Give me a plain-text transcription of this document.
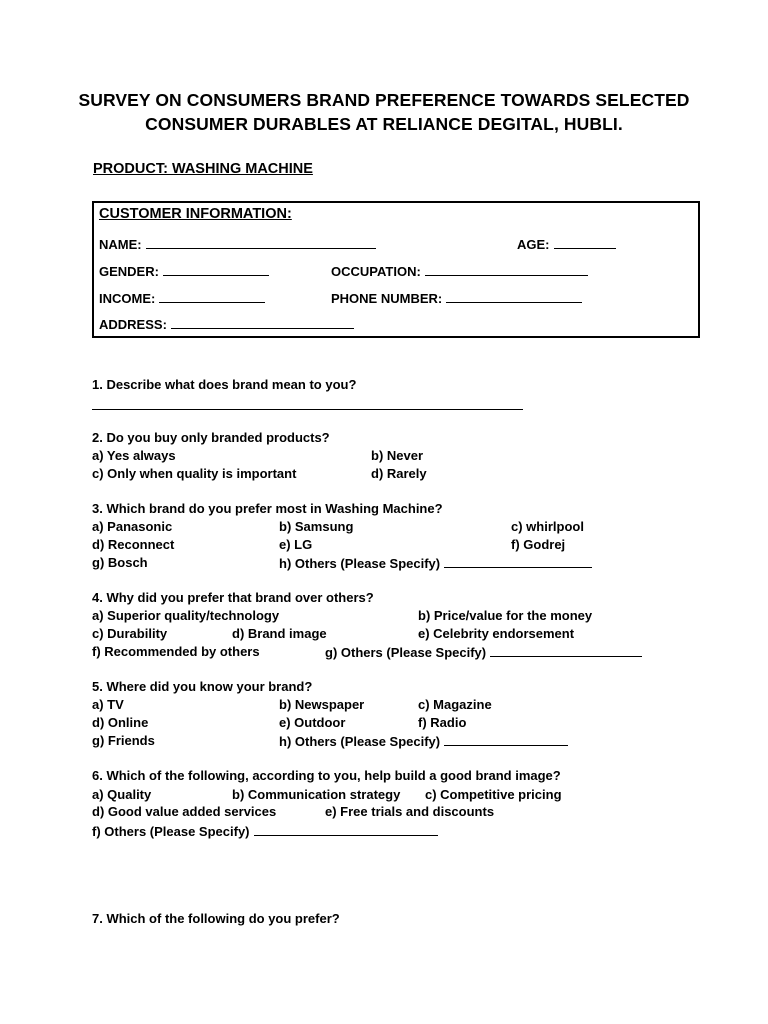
SURVEY ON CONSUMERS BRAND PREFERENCE TOWARDS SELECTED
CONSUMER DURABLES AT RELIANCE DEGITAL, HUBLI.
PRODUCT: WASHING MACHINE
CUSTOMER INFORMATION:
NAME:	AGE:
GENDER:	OCCUPATION:
INCOME:	PHONE NUMBER:
ADDRESS:
1. Describe what does brand mean to you?
2. Do you buy only branded products?
a) Yes always	b) Never
c) Only when quality is important	d) Rarely
3. Which brand do you prefer most in Washing Machine?
a) Panasonic	b) Samsung	c) whirlpool
d) Reconnect	e) LG	f) Godrej
g) Bosch	h) Others (Please Specify)
4. Why did you prefer that brand over others?
a) Superior quality/technology	b) Price/value for the money
c) Durability	d) Brand image	e) Celebrity endorsement
f) Recommended by others	g) Others (Please Specify)
5. Where did you know your brand?
a) TV	b) Newspaper	c) Magazine
d) Online	e) Outdoor	f) Radio
g) Friends	h) Others (Please Specify)
6. Which of the following, according to you, help build a good brand image?
a) Quality	b) Communication strategy c) Competitive pricing
d) Good value added services	e) Free trials and discounts
f) Others (Please Specify)
7. Which of the following do you prefer?
